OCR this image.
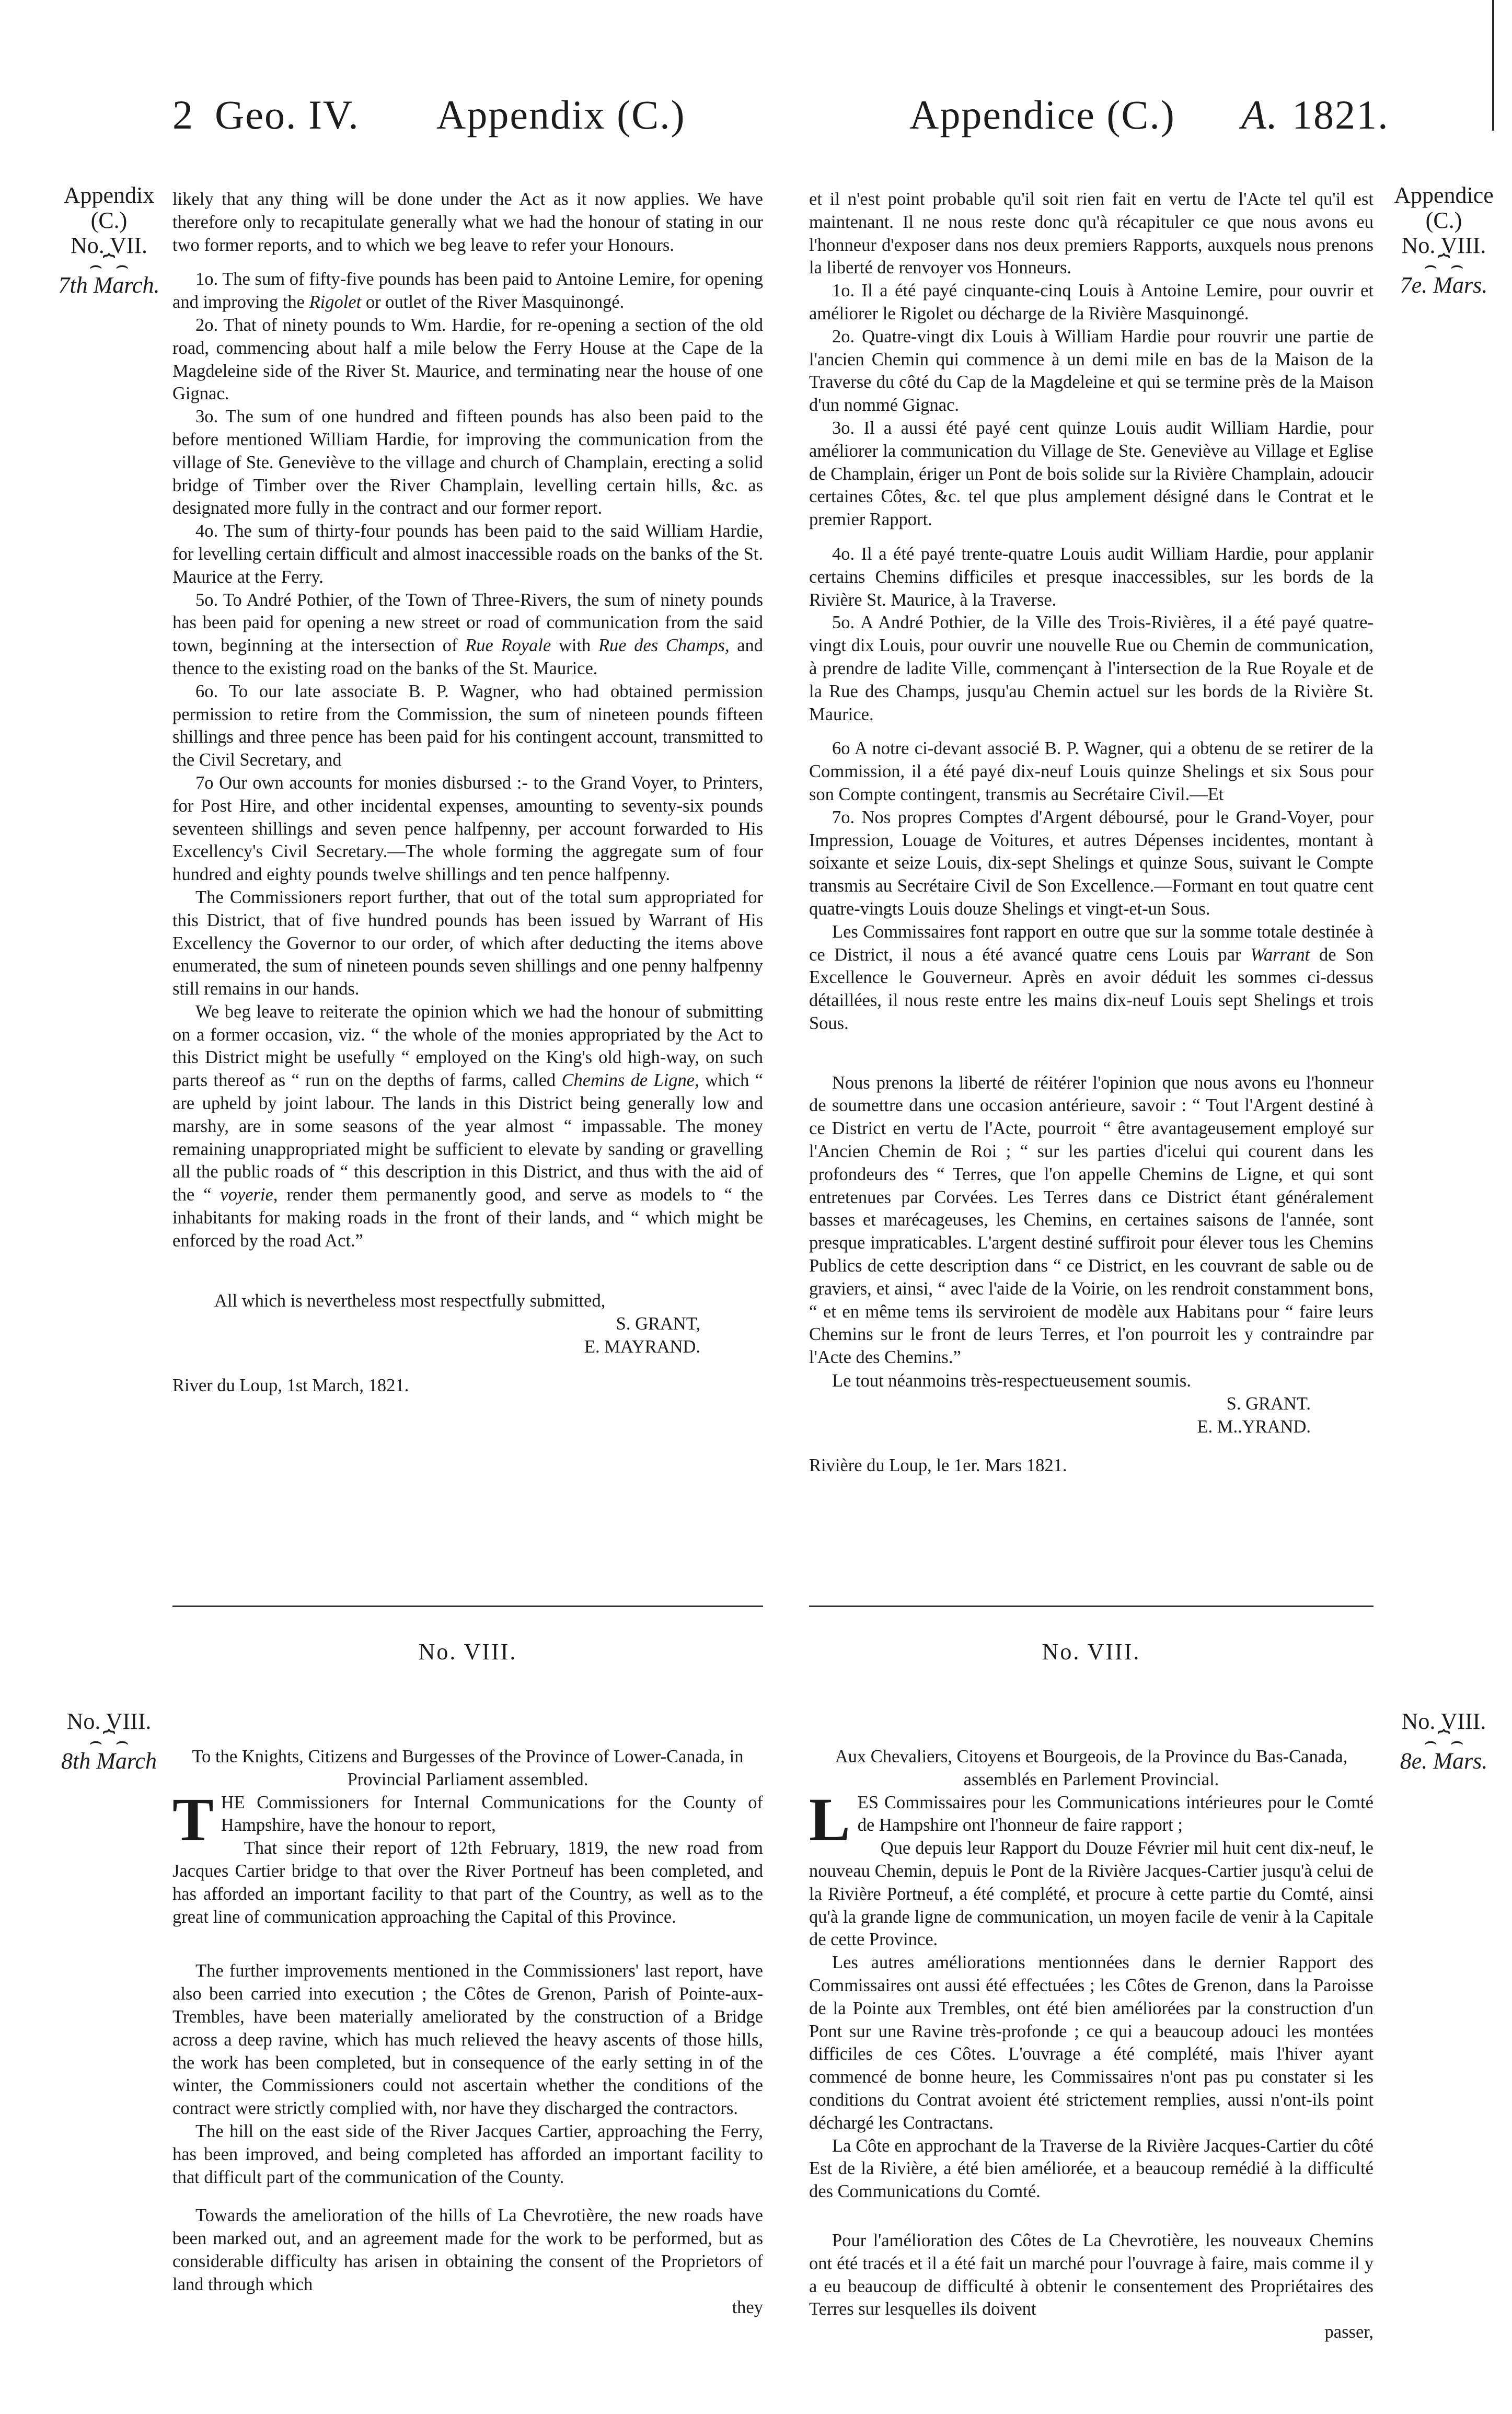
2 Geo. IV. Appendix (C.)	Appendice (C.) A. 1821.
Appendix
(C.)
No. VII.
⌢⏞⌢
7th March.
Appendice
(C.)
No. VIII.
⌢⏞⌢
7e. Mars.

likely that any thing will be done under the Act as it now applies. We have therefore only to recapitulate generally what we had the honour of stating in our two former reports, and to which we beg leave to refer your Honours.

1o. The sum of fifty-five pounds has been paid to Antoine Lemire, for opening and improving the Rigolet or outlet of the River Masquinongé.

2o. That of ninety pounds to Wm. Hardie, for re-opening a section of the old road, commencing about half a mile below the Ferry House at the Cape de la Magdeleine side of the River St. Maurice, and terminating near the house of one Gignac.

3o. The sum of one hundred and fifteen pounds has also been paid to the before mentioned William Hardie, for improving the communication from the village of Ste. Geneviève to the village and church of Champlain, erecting a solid bridge of Timber over the River Champlain, levelling certain hills, &c. as designated more fully in the contract and our former report.

4o. The sum of thirty-four pounds has been paid to the said William Hardie, for levelling certain difficult and almost inaccessible roads on the banks of the St. Maurice at the Ferry.

5o. To André Pothier, of the Town of Three-Rivers, the sum of ninety pounds has been paid for opening a new street or road of communication from the said town, beginning at the intersection of Rue Royale with Rue des Champs, and thence to the existing road on the banks of the St. Maurice.

6o. To our late associate B. P. Wagner, who had obtained permission permission to retire from the Commission, the sum of nineteen pounds fifteen shillings and three pence has been paid for his contingent account, transmitted to the Civil Secretary, and

7o Our own accounts for monies disbursed :- to the Grand Voyer, to Printers, for Post Hire, and other incidental expenses, amounting to seventy-six pounds seventeen shillings and seven pence halfpenny, per account forwarded to His Excellency's Civil Secretary.—The whole forming the aggregate sum of four hundred and eighty pounds twelve shillings and ten pence halfpenny.

The Commissioners report further, that out of the total sum appropriated for this District, that of five hundred pounds has been issued by Warrant of His Excellency the Governor to our order, of which after deducting the items above enumerated, the sum of nineteen pounds seven shillings and one penny halfpenny still remains in our hands.

We beg leave to reiterate the opinion which we had the honour of submitting on a former occasion, viz. “ the whole of the monies appropriated by the Act to this District might be usefully “ employed on the King's old high-way, on such parts thereof as “ run on the depths of farms, called Chemins de Ligne, which “ are upheld by joint labour. The lands in this District being generally low and marshy, are in some seasons of the year almost “ impassable. The money remaining unappropriated might be sufficient to elevate by sanding or gravelling all the public roads of “ this description in this District, and thus with the aid of the “ voyerie, render them permanently good, and serve as models to “ the inhabitants for making roads in the front of their lands, and “ which might be enforced by the road Act.”

All which is nevertheless most respectfully submitted,

S. GRANT,

E. MAYRAND.

River du Loup, 1st March, 1821.

et il n'est point probable qu'il soit rien fait en vertu de l'Acte tel qu'il est maintenant. Il ne nous reste donc qu'à récapituler ce que nous avons eu l'honneur d'exposer dans nos deux premiers Rapports, auxquels nous prenons la liberté de renvoyer vos Honneurs.

1o. Il a été payé cinquante-cinq Louis à Antoine Lemire, pour ouvrir et améliorer le Rigolet ou décharge de la Rivière Masquinongé.

2o. Quatre-vingt dix Louis à William Hardie pour rouvrir une partie de l'ancien Chemin qui commence à un demi mile en bas de la Maison de la Traverse du côté du Cap de la Magdeleine et qui se termine près de la Maison d'un nommé Gignac.

3o. Il a aussi été payé cent quinze Louis audit William Hardie, pour améliorer la communication du Village de Ste. Geneviève au Village et Eglise de Champlain, ériger un Pont de bois solide sur la Rivière Champlain, adoucir certaines Côtes, &c. tel que plus amplement désigné dans le Contrat et le premier Rapport.

4o. Il a été payé trente-quatre Louis audit William Hardie, pour applanir certains Chemins difficiles et presque inaccessibles, sur les bords de la Rivière St. Maurice, à la Traverse.

5o. A André Pothier, de la Ville des Trois-Rivières, il a été payé quatre-vingt dix Louis, pour ouvrir une nouvelle Rue ou Chemin de communication, à prendre de ladite Ville, commençant à l'intersection de la Rue Royale et de la Rue des Champs, jusqu'au Chemin actuel sur les bords de la Rivière St. Maurice.

6o A notre ci-devant associé B. P. Wagner, qui a obtenu de se retirer de la Commission, il a été payé dix-neuf Louis quinze Shelings et six Sous pour son Compte contingent, transmis au Secrétaire Civil.—Et

7o. Nos propres Comptes d'Argent déboursé, pour le Grand-Voyer, pour Impression, Louage de Voitures, et autres Dépenses incidentes, montant à soixante et seize Louis, dix-sept Shelings et quinze Sous, suivant le Compte transmis au Secrétaire Civil de Son Excellence.—Formant en tout quatre cent quatre-vingts Louis douze Shelings et vingt-et-un Sous.

Les Commissaires font rapport en outre que sur la somme totale destinée à ce District, il nous a été avancé quatre cens Louis par Warrant de Son Excellence le Gouverneur. Après en avoir déduit les sommes ci-dessus détaillées, il nous reste entre les mains dix-neuf Louis sept Shelings et trois Sous.

Nous prenons la liberté de réitérer l'opinion que nous avons eu l'honneur de soumettre dans une occasion antérieure, savoir : “ Tout l'Argent destiné à ce District en vertu de l'Acte, pourroit “ être avantageusement employé sur l'Ancien Chemin de Roi ; “ sur les parties d'icelui qui courent dans les profondeurs des “ Terres, que l'on appelle Chemins de Ligne, et qui sont entretenues par Corvées. Les Terres dans ce District étant généralement basses et marécageuses, les Chemins, en certaines saisons de l'année, sont presque impraticables. L'argent destiné suffiroit pour élever tous les Chemins Publics de cette description dans “ ce District, en les couvrant de sable ou de graviers, et ainsi, “ avec l'aide de la Voirie, on les rendroit constamment bons, “ et en même tems ils serviroient de modèle aux Habitans pour “ faire leurs Chemins sur le front de leurs Terres, et l'on pourroit les y contraindre par l'Acte des Chemins.”

Le tout néanmoins très-respectueusement soumis.

S. GRANT.

E. M..YRAND.

Rivière du Loup, le 1er. Mars 1821.

No. VIII.	No. VIII.
No. VIII.
⌢⏞⌢
8th March
No. VIII.
⌢⏞⌢
8e. Mars.

To the Knights, Citizens and Burgesses of the Province of Lower-Canada, in Provincial Parliament assembled.

THE Commissioners for Internal Communications for the County of Hampshire, have the honour to report,

That since their report of 12th February, 1819, the new road from Jacques Cartier bridge to that over the River Portneuf has been completed, and has afforded an important facility to that part of the Country, as well as to the great line of communication approaching the Capital of this Province.

The further improvements mentioned in the Commissioners' last report, have also been carried into execution ; the Côtes de Grenon, Parish of Pointe-aux-Trembles, have been materially ameliorated by the construction of a Bridge across a deep ravine, which has much relieved the heavy ascents of those hills, the work has been completed, but in consequence of the early setting in of the winter, the Commissioners could not ascertain whether the conditions of the contract were strictly complied with, nor have they discharged the contractors.

The hill on the east side of the River Jacques Cartier, approaching the Ferry, has been improved, and being completed has afforded an important facility to that difficult part of the communication of the County.

Towards the amelioration of the hills of La Chevrotière, the new roads have been marked out, and an agreement made for the work to be performed, but as considerable difficulty has arisen in obtaining the consent of the Proprietors of land through which

they

Aux Chevaliers, Citoyens et Bourgeois, de la Province du Bas-Canada, assemblés en Parlement Provincial.

LES Commissaires pour les Communications intérieures pour le Comté de Hampshire ont l'honneur de faire rapport ;

Que depuis leur Rapport du Douze Février mil huit cent dix-neuf, le nouveau Chemin, depuis le Pont de la Rivière Jacques-Cartier jusqu'à celui de la Rivière Portneuf, a été complété, et procure à cette partie du Comté, ainsi qu'à la grande ligne de communication, un moyen facile de venir à la Capitale de cette Province.

Les autres améliorations mentionnées dans le dernier Rapport des Commissaires ont aussi été effectuées ; les Côtes de Grenon, dans la Paroisse de la Pointe aux Trembles, ont été bien améliorées par la construction d'un Pont sur une Ravine très-profonde ; ce qui a beaucoup adouci les montées difficiles de ces Côtes. L'ouvrage a été complété, mais l'hiver ayant commencé de bonne heure, les Commissaires n'ont pas pu constater si les conditions du Contrat avoient été strictement remplies, aussi n'ont-ils point déchargé les Contractans.

La Côte en approchant de la Traverse de la Rivière Jacques-Cartier du côté Est de la Rivière, a été bien améliorée, et a beaucoup remédié à la difficulté des Communications du Comté.

Pour l'amélioration des Côtes de La Chevrotière, les nouveaux Chemins ont été tracés et il a été fait un marché pour l'ouvrage à faire, mais comme il y a eu beaucoup de difficulté à obtenir le consentement des Propriétaires des Terres sur lesquelles ils doivent

passer,
